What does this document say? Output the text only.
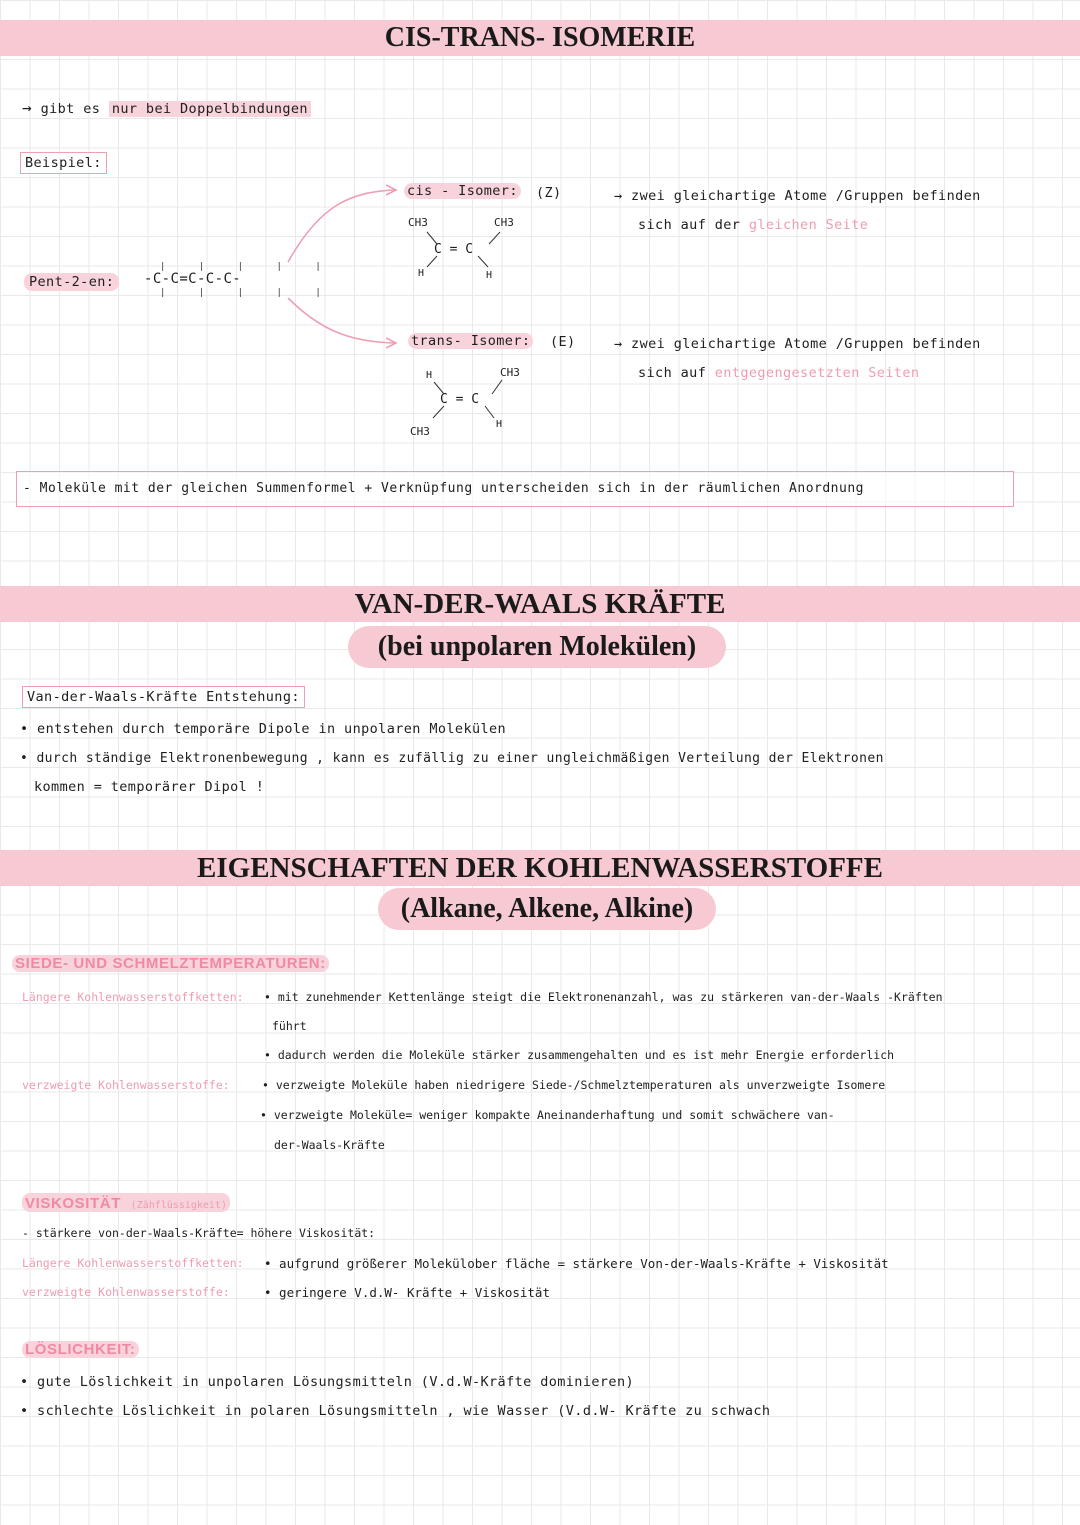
CIS-TRANS- ISOMERIE
→ gibt es nur bei Doppelbindungen
Beispiel:
Pent-2-en:	-C-C=C-C-C-
| | | | |
| | | | |
cis - Isomer: (Z)
CH3	CH3
C = C
H	H
→ zwei gleichartige Atome /Gruppen befinden
sich auf der gleichen Seite
trans- Isomer: (E)
H	CH3
C = C
CH3
H
→ zwei gleichartige Atome /Gruppen befinden
sich auf entgegengesetzten Seiten
- Moleküle mit der gleichen Summenformel + Verknüpfung unterscheiden sich in der räumlichen Anordnung
VAN-DER-WAALS KRÄFTE
(bei unpolaren Molekülen)
Van-der-Waals-Kräfte Entstehung:
• entstehen durch temporäre Dipole in unpolaren Molekülen
• durch ständige Elektronenbewegung , kann es zufällig zu einer ungleichmäßigen Verteilung der Elektronen
kommen = temporärer Dipol !
EIGENSCHAFTEN DER KOHLENWASSERSTOFFE
(Alkane, Alkene, Alkine)
SIEDE- UND SCHMELZTEMPERATUREN:
Längere Kohlenwasserstoffketten: • mit zunehmender Kettenlänge steigt die Elektronenanzahl, was zu stärkeren van-der-Waals -Kräften
führt
• dadurch werden die Moleküle stärker zusammengehalten und es ist mehr Energie erforderlich
verzweigte Kohlenwasserstoffe:	• verzweigte Moleküle haben niedrigere Siede-/Schmelztemperaturen als unverzweigte Isomere
• verzweigte Moleküle= weniger kompakte Aneinanderhaftung und somit schwächere van-
der-Waals-Kräfte
VISKOSITÄT (Zähflüssigkeit)
- stärkere von-der-Waals-Kräfte= höhere Viskosität:
Längere Kohlenwasserstoffketten: • aufgrund größerer Molekülober fläche = stärkere Von-der-Waals-Kräfte + Viskosität
verzweigte Kohlenwasserstoffe:	• geringere V.d.W- Kräfte + Viskosität
LÖSLICHKEIT:
• gute Löslichkeit in unpolaren Lösungsmitteln (V.d.W-Kräfte dominieren)
• schlechte Löslichkeit in polaren Lösungsmitteln , wie Wasser (V.d.W- Kräfte zu schwach
